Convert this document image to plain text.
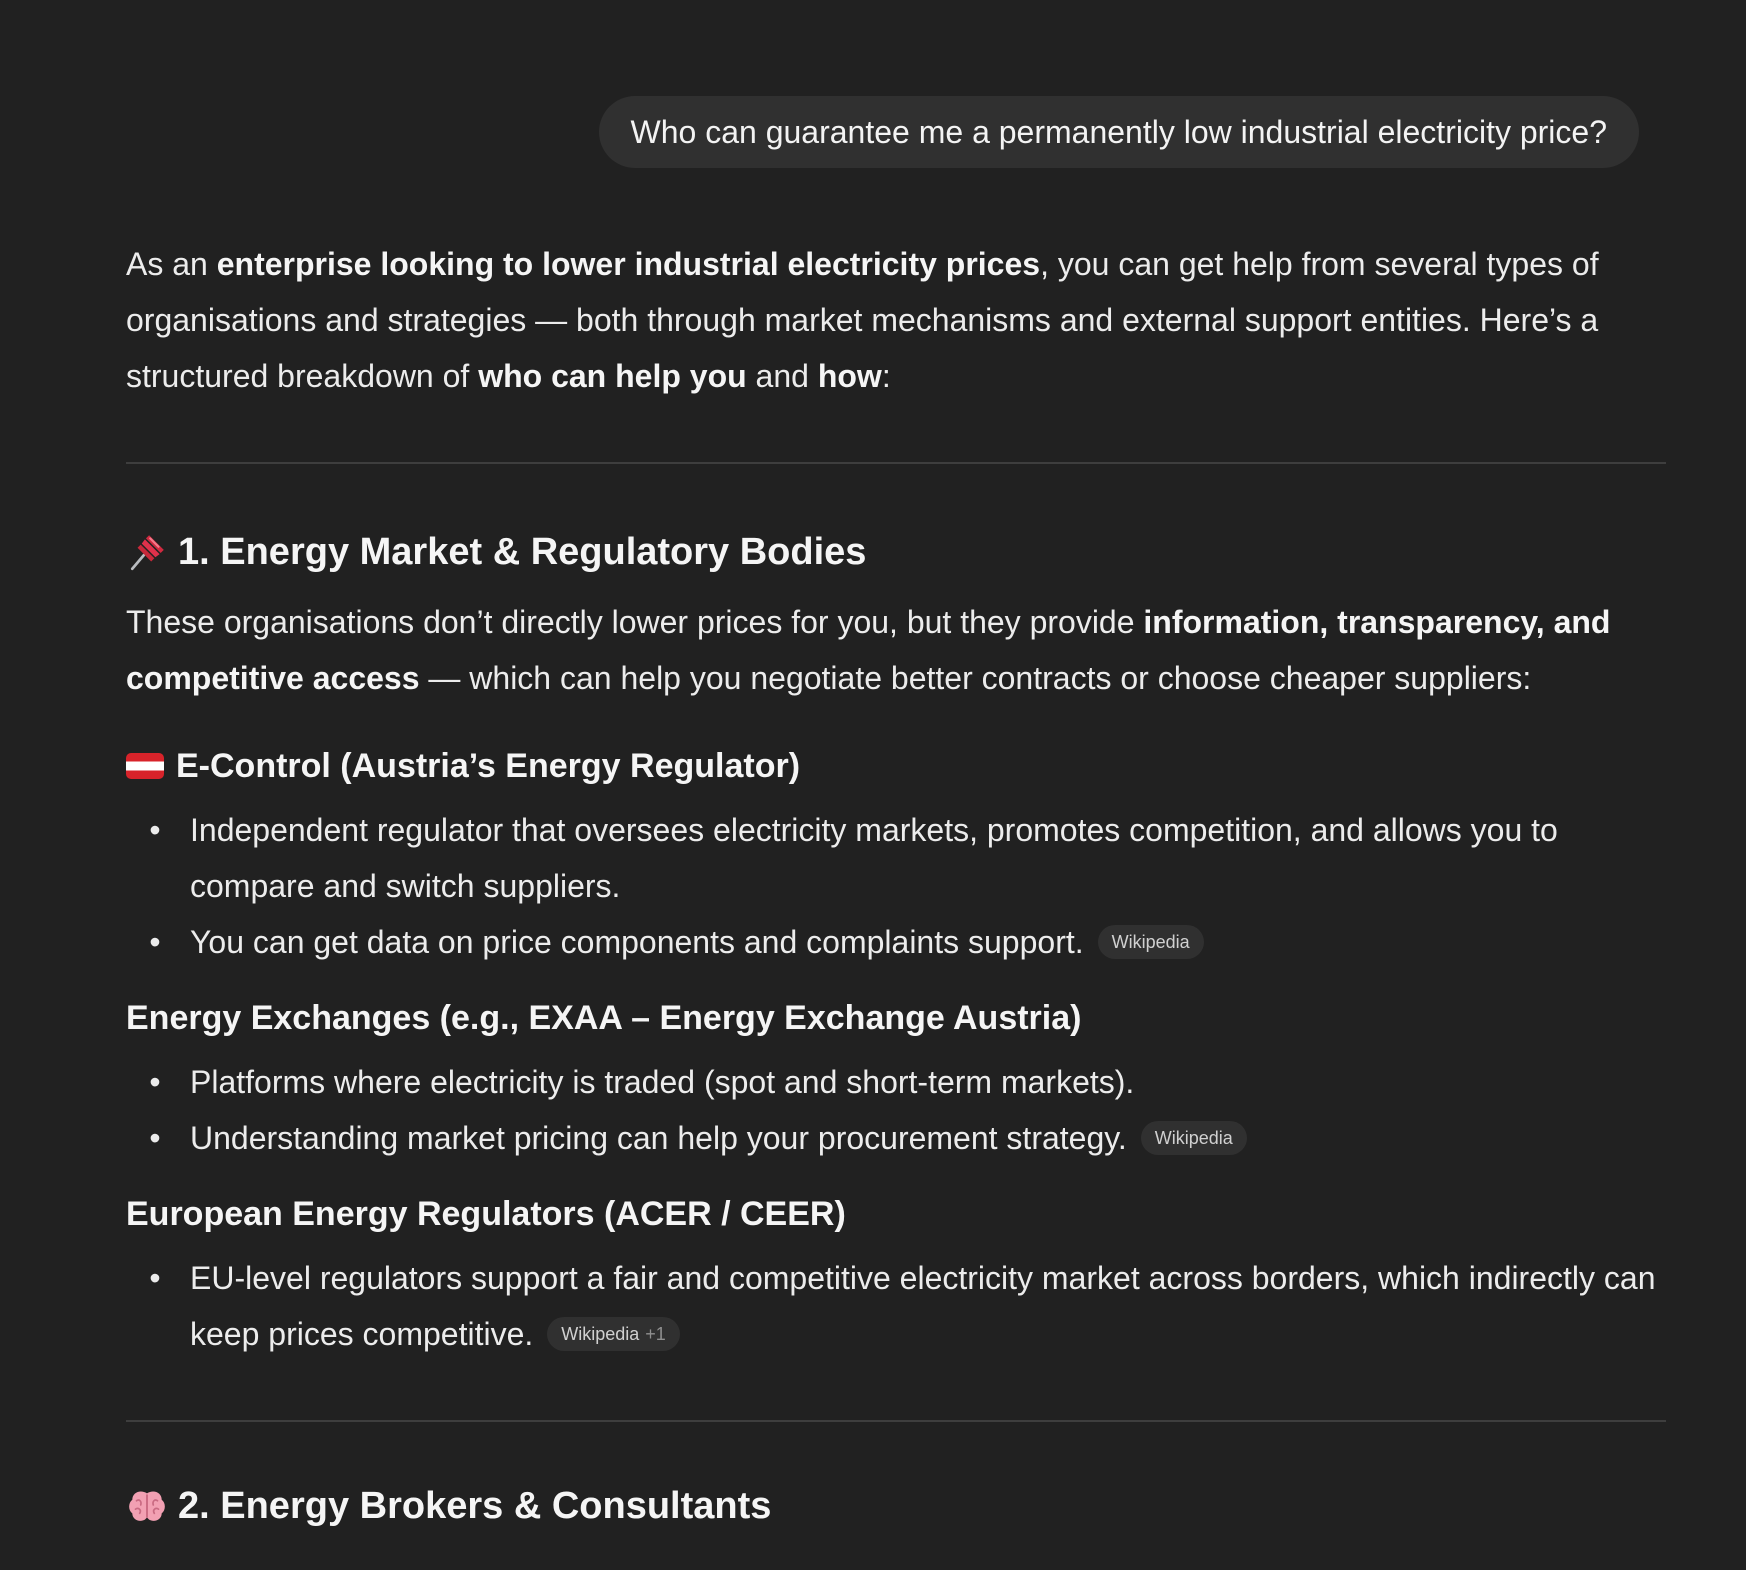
Who can guarantee me a permanently low industrial electricity price?

As an enterprise looking to lower industrial electricity prices, you can get help from several types of organisations and strategies — both through market mechanisms and external support entities. Here’s a structured breakdown of who can help you and how:

1. Energy Market & Regulatory Bodies

These organisations don’t directly lower prices for you, but they provide information, transparency, and competitive access — which can help you negotiate better contracts or choose cheaper suppliers:

E-Control (Austria’s Energy Regulator)
• Independent regulator that oversees electricity markets, promotes competition, and allows you to compare and switch suppliers.
• You can get data on price components and complaints support. Wikipedia
Energy Exchanges (e.g., EXAA – Energy Exchange Austria)
• Platforms where electricity is traded (spot and short-term markets).
• Understanding market pricing can help your procurement strategy. Wikipedia
European Energy Regulators (ACER / CEER)
• EU-level regulators support a fair and competitive electricity market across borders, which indirectly can keep prices competitive. Wikipedia +1
2. Energy Brokers & Consultants
